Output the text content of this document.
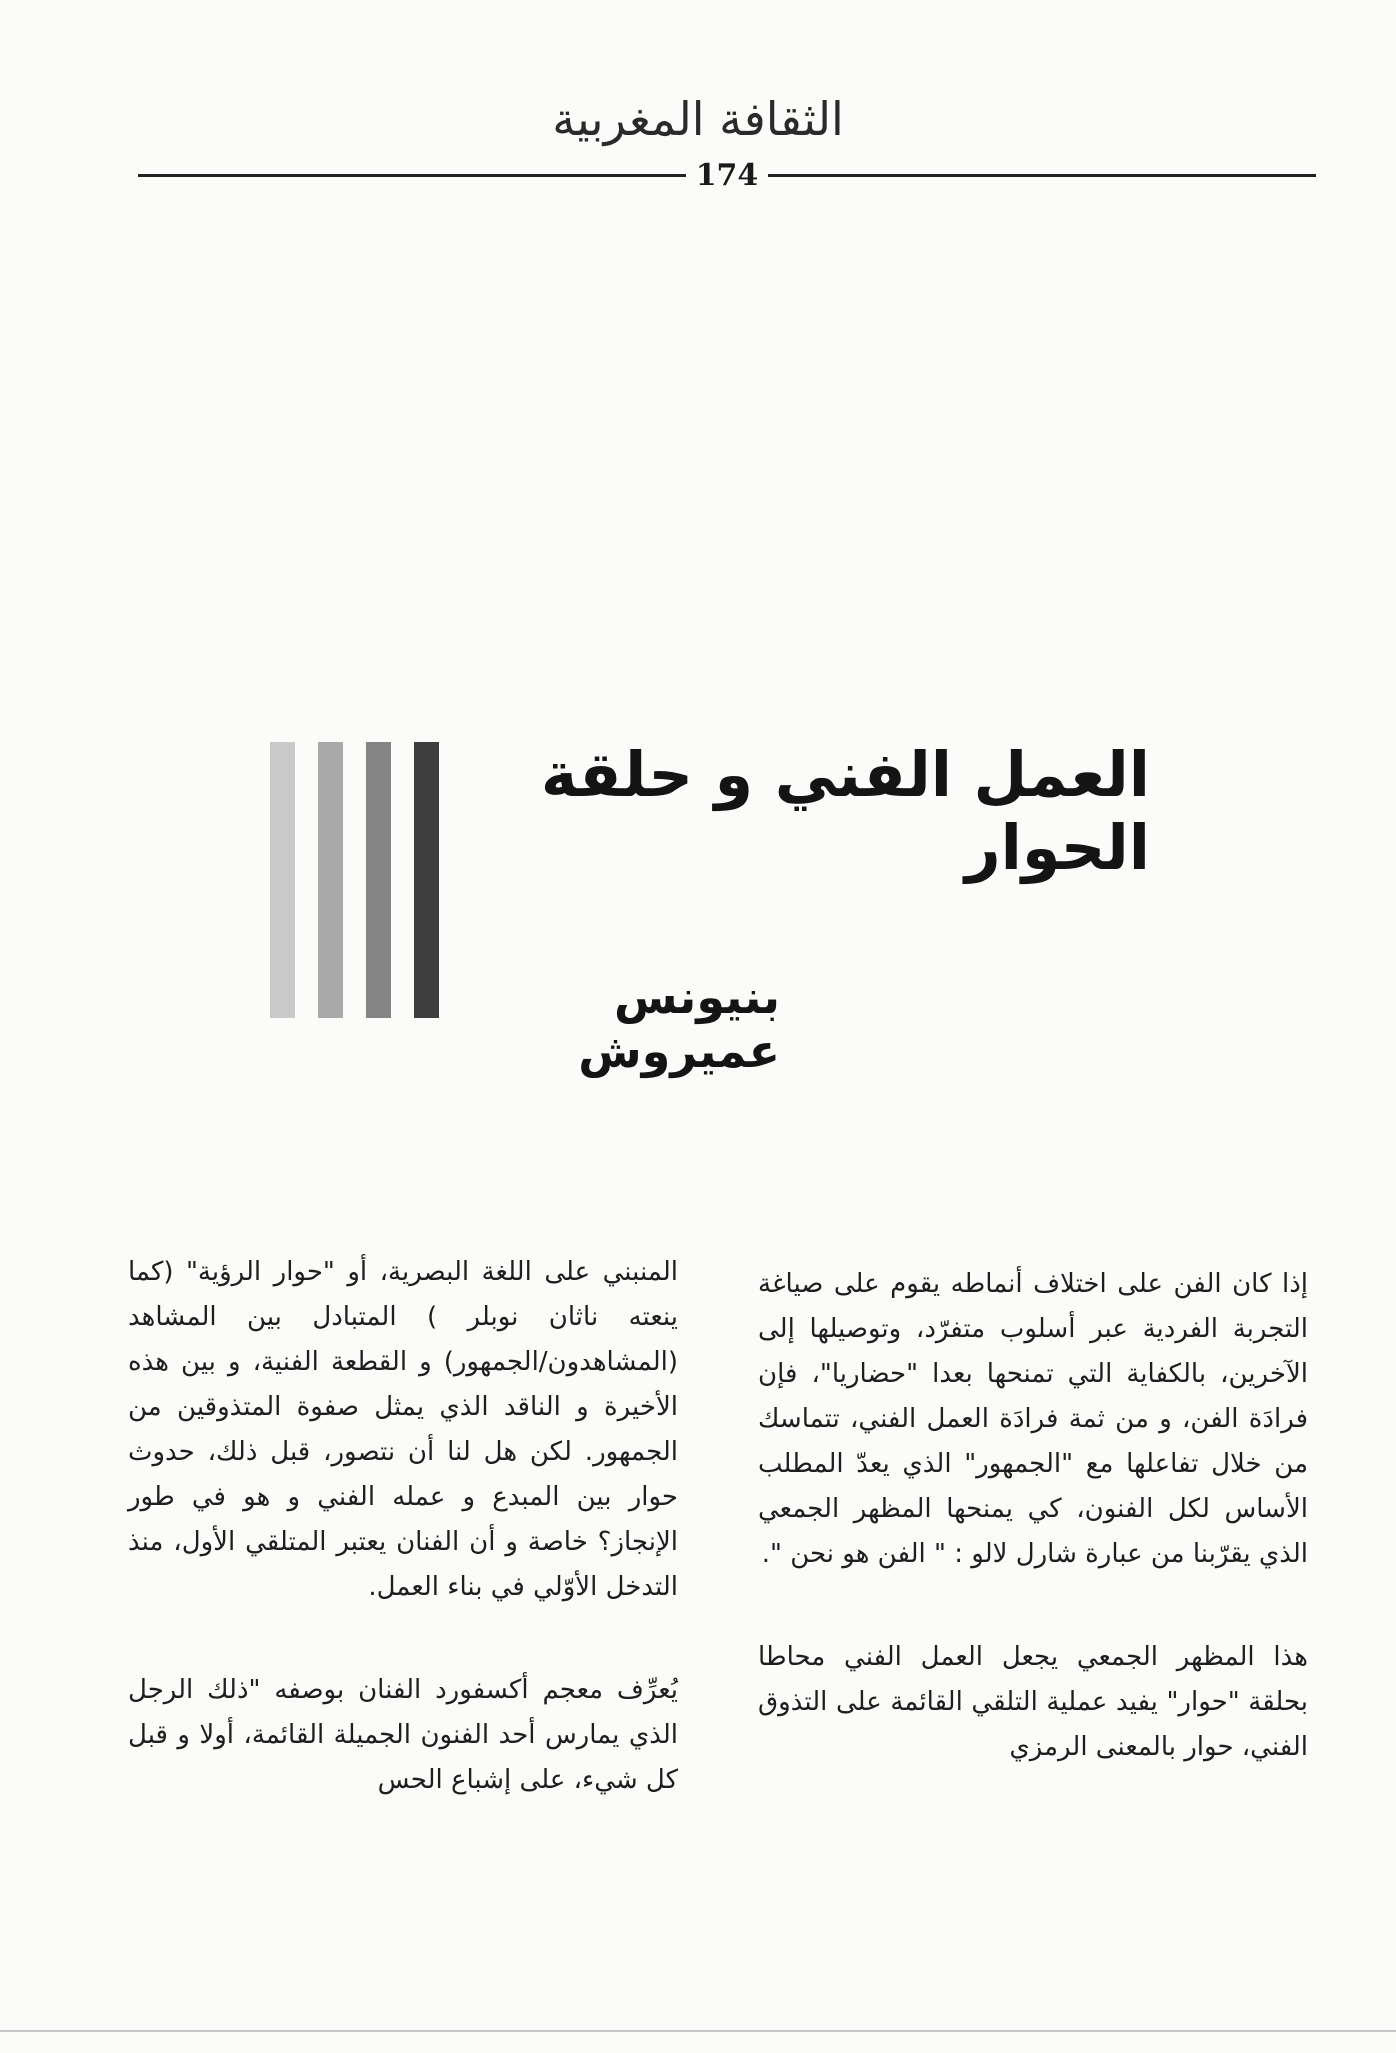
الثقافة المغربية
174
العمل الفني و حلقة الحوار
بنيونس عميروش

إذا كان الفن على اختلاف أنماطه يقوم على صياغة التجربة الفردية عبر أسلوب متفرّد، وتوصيلها إلى الآخرين، بالكفاية التي تمنحها بعدا "حضاريا"، فإن فرادَة الفن، و من ثمة فرادَة العمل الفني، تتماسك من خلال تفاعلها مع "الجمهور" الذي يعدّ المطلب الأساس لكل الفنون، كي يمنحها المظهر الجمعي الذي يقرّبنا من عبارة شارل لالو : " الفن هو نحن ".

هذا المظهر الجمعي يجعل العمل الفني محاطا بحلقة "حوار" يفيد عملية التلقي القائمة على التذوق الفني، حوار بالمعنى الرمزي

المنبني على اللغة البصرية، أو "حوار الرؤية" (كما ينعته ناثان نوبلر ) المتبادل بين المشاهد (المشاهدون/الجمهور) و القطعة الفنية، و بين هذه الأخيرة و الناقد الذي يمثل صفوة المتذوقين من الجمهور. لكن هل لنا أن نتصور، قبل ذلك، حدوث حوار بين المبدع و عمله الفني و هو في طور الإنجاز؟ خاصة و أن الفنان يعتبر المتلقي الأول، منذ التدخل الأوّلي في بناء العمل.

يُعرِّف معجم أكسفورد الفنان بوصفه "ذلك الرجل الذي يمارس أحد الفنون الجميلة القائمة، أولا و قبل كل شيء، على إشباع الحس
